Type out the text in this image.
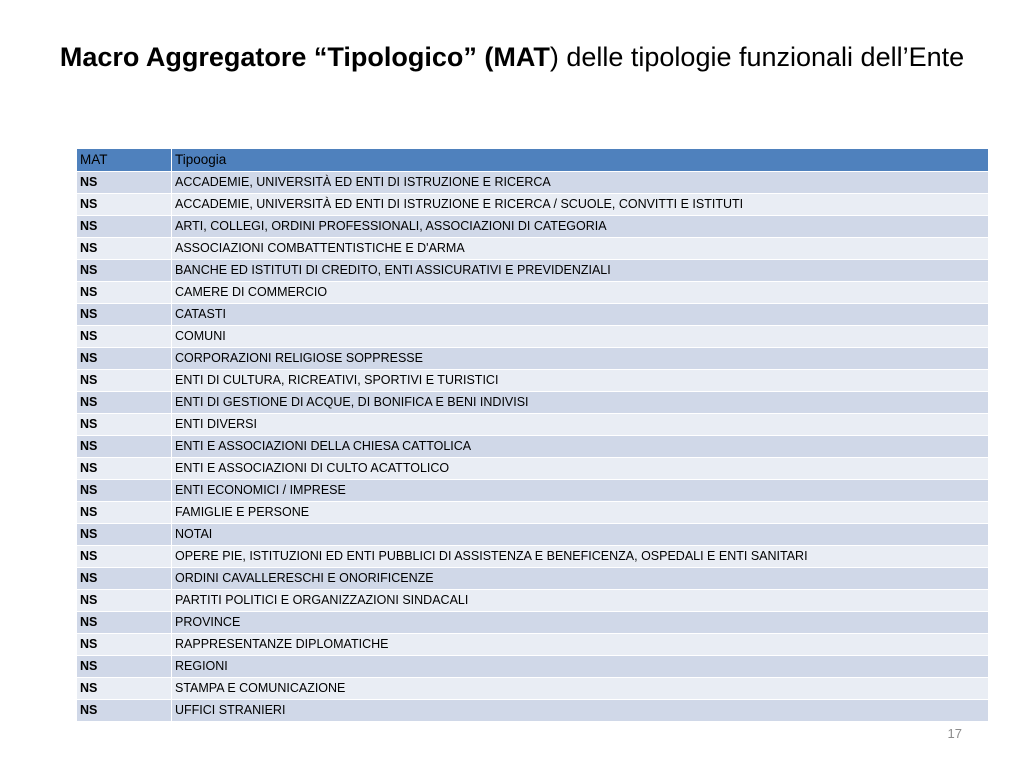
Macro Aggregatore “Tipologico” (MAT) delle tipologie funzionali dell’Ente
MAT	Tipoogia
NS	ACCADEMIE, UNIVERSITÀ ED ENTI DI ISTRUZIONE E RICERCA
NS	ACCADEMIE, UNIVERSITÀ ED ENTI DI ISTRUZIONE E RICERCA / SCUOLE, CONVITTI E ISTITUTI
NS	ARTI, COLLEGI, ORDINI PROFESSIONALI, ASSOCIAZIONI DI CATEGORIA
NS	ASSOCIAZIONI COMBATTENTISTICHE E D'ARMA
NS	BANCHE ED ISTITUTI DI CREDITO, ENTI ASSICURATIVI E PREVIDENZIALI
NS	CAMERE DI COMMERCIO
NS	CATASTI
NS	COMUNI
NS	CORPORAZIONI RELIGIOSE SOPPRESSE
NS	ENTI DI CULTURA, RICREATIVI, SPORTIVI E TURISTICI
NS	ENTI DI GESTIONE DI ACQUE, DI BONIFICA E BENI INDIVISI
NS	ENTI DIVERSI
NS	ENTI E ASSOCIAZIONI DELLA CHIESA CATTOLICA
NS	ENTI E ASSOCIAZIONI DI CULTO ACATTOLICO
NS	ENTI ECONOMICI / IMPRESE
NS	FAMIGLIE E PERSONE
NS	NOTAI
NS	OPERE PIE, ISTITUZIONI ED ENTI PUBBLICI DI ASSISTENZA E BENEFICENZA, OSPEDALI E ENTI SANITARI
NS	ORDINI CAVALLERESCHI E ONORIFICENZE
NS	PARTITI POLITICI E ORGANIZZAZIONI SINDACALI
NS	PROVINCE
NS	RAPPRESENTANZE DIPLOMATICHE
NS	REGIONI
NS	STAMPA E COMUNICAZIONE
NS	UFFICI STRANIERI
17
